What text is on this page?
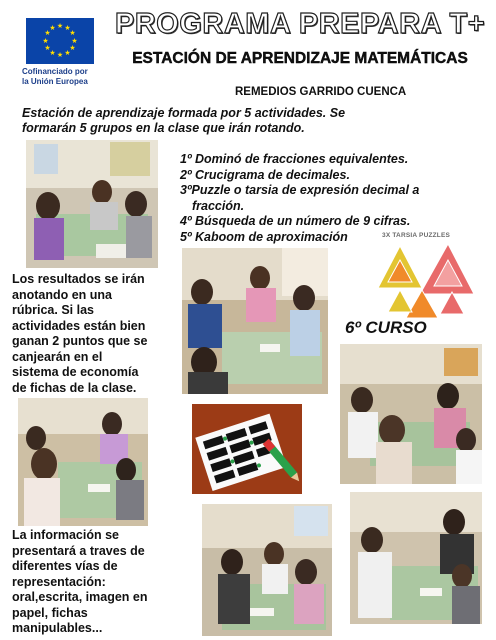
★ ★
★
★
★
★
★
★
★
★
★
★
Cofinanciado por
la Unión Europea
PROGRAMA PREPARA T+
ESTACIÓN DE APRENDIZAJE MATEMÁTICAS
REMEDIOS GARRIDO CUENCA
Estación de aprendizaje formada por 5 actividades. Se
formarán 5 grupos en la clase que irán rotando.
1º Dominó de fracciones equivalentes.
2º Crucigrama de decimales.
3ºPuzzle o tarsia de expresión decimal a
fracción.
4º Búsqueda de un número de 9 cifras.
5º Kaboom de aproximación	3X TARSIA PUZZLES
6º CURSO
Los resultados se irán
anotando en una
rúbrica. Si las
actividades están bien
ganan 2 puntos que se
canjearán en el
sistema de economía
de fichas de la clase.
La información se
presentará a traves de
diferentes vías de
representación:
oral,escrita, imagen en
papel, fichas
manipulables...
